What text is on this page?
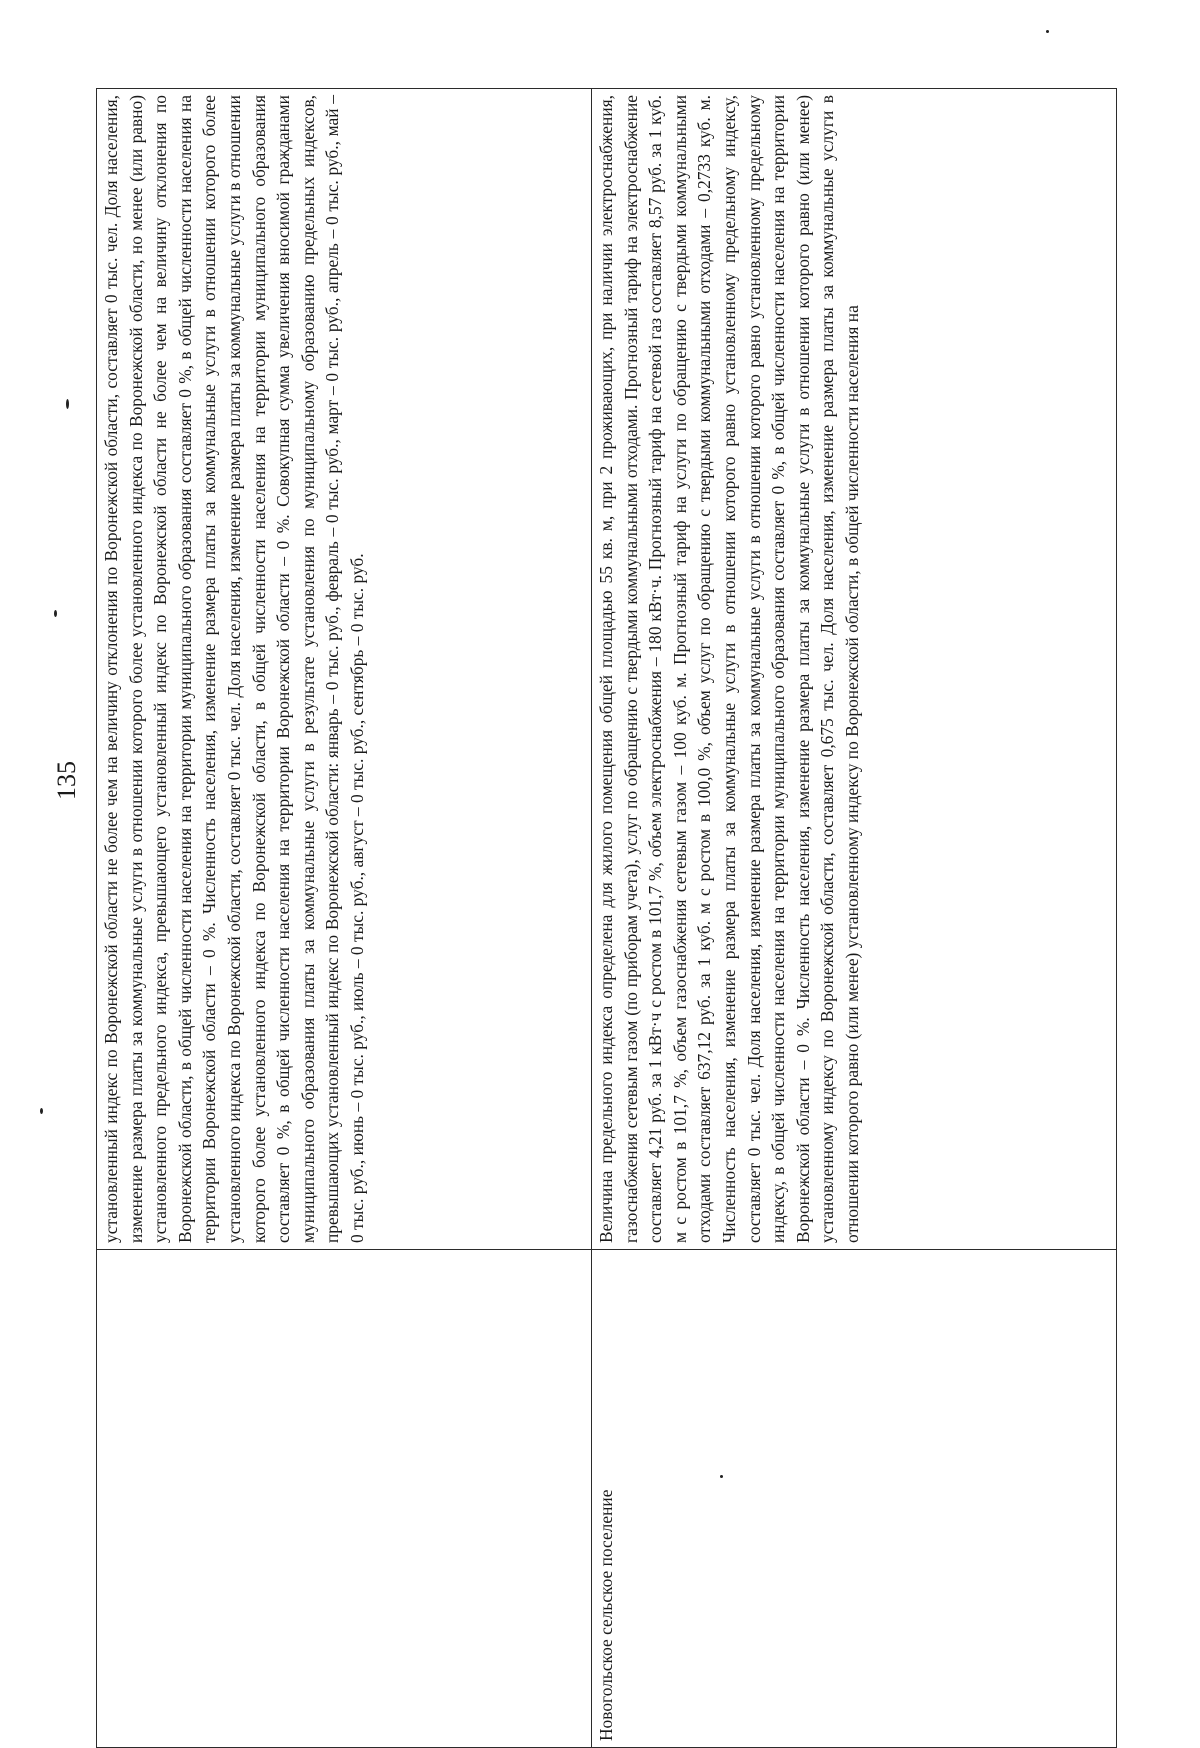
135
	установленный индекс по Воронежской области не более чем на величину отклонения по Воронежской области, составляет 0 тыс. чел. Доля населения, изменение размера платы за коммунальные услуги в отношении которого более установленного индекса по Воронежской области, но менее (или равно) установленного предельного индекса, превышающего установленный индекс по Воронежской области не более чем на величину отклонения по Воронежской области, в общей численности населения на территории муниципального образования составляет 0 %, в общей численности населения на территории Воронежской области – 0 %. Численность населения, изменение размера платы за коммунальные услуги в отношении которого более установленного индекса по Воронежской области, составляет 0 тыс. чел. Доля населения, изменение размера платы за коммунальные услуги в отношении которого более установленного индекса по Воронежской области, в общей численности населения на территории муниципального образования составляет 0 %, в общей численности населения на территории Воронежской области – 0 %. Совокупная сумма увеличения вносимой гражданами муниципального образования платы за коммунальные услуги в результате установления по муниципальному образованию предельных индексов, превышающих установленный индекс по Воронежской области: январь – 0 тыс. руб., февраль – 0 тыс. руб., март – 0 тыс. руб., апрель – 0 тыс. руб., май – 0 тыс. руб., июнь – 0 тыс. руб., июль – 0 тыс. руб., август – 0 тыс. руб., сентябрь – 0 тыс. руб.
Новогольское сельское поселение	Величина предельного индекса определена для жилого помещения общей площадью 55 кв. м, при 2 проживающих, при наличии электроснабжения, газоснабжения сетевым газом (по приборам учета), услуг по обращению с твердыми коммунальными отходами. Прогнозный тариф на электроснабжение составляет 4,21 руб. за 1 кВт·ч с ростом в 101,7 %, объем электроснабжения – 180 кВт·ч. Прогнозный тариф на сетевой газ составляет 8,57 руб. за 1 куб. м с ростом в 101,7 %, объем газоснабжения сетевым газом – 100 куб. м. Прогнозный тариф на услуги по обращению с твердыми коммунальными отходами составляет 637,12 руб. за 1 куб. м с ростом в 100,0 %, объем услуг по обращению с твердыми коммунальными отходами – 0,2733 куб. м. Численность населения, изменение размера платы за коммунальные услуги в отношении которого равно установленному предельному индексу, составляет 0 тыс. чел. Доля населения, изменение размера платы за коммунальные услуги в отношении которого равно установленному предельному индексу, в общей численности населения на территории муниципального образования составляет 0 %, в общей численности населения на территории Воронежской области – 0 %. Численность населения, изменение размера платы за коммунальные услуги в отношении которого равно (или менее) установленному индексу по Воронежской области, составляет 0,675 тыс. чел. Доля населения, изменение размера платы за коммунальные услуги в отношении которого равно (или менее) установленному индексу по Воронежской области, в общей численности населения на
